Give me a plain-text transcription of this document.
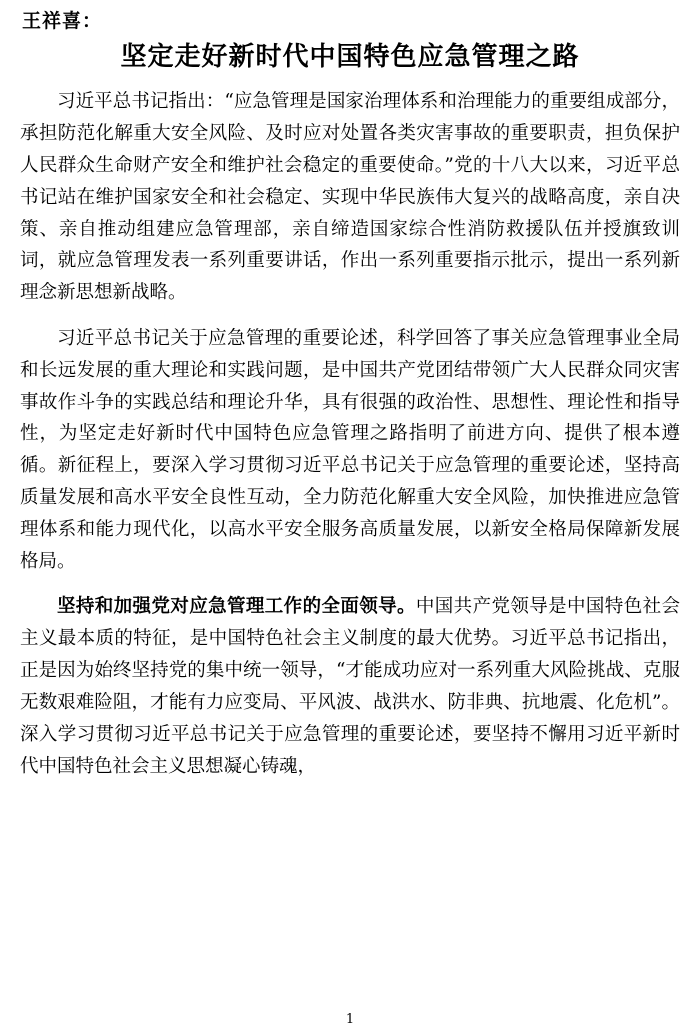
王祥喜：
坚定走好新时代中国特色应急管理之路

习近平总书记指出：“应急管理是国家治理体系和治理能力的重要组成部分，承担防范化解重大安全风险、及时应对处置各类灾害事故的重要职责，担负保护人民群众生命财产安全和维护社会稳定的重要使命。”党的十八大以来，习近平总书记站在维护国家安全和社会稳定、实现中华民族伟大复兴的战略高度，亲自决策、亲自推动组建应急管理部，亲自缔造国家综合性消防救援队伍并授旗致训词，就应急管理发表一系列重要讲话，作出一系列重要指示批示，提出一系列新理念新思想新战略。

习近平总书记关于应急管理的重要论述，科学回答了事关应急管理事业全局和长远发展的重大理论和实践问题，是中国共产党团结带领广大人民群众同灾害事故作斗争的实践总结和理论升华，具有很强的政治性、思想性、理论性和指导性，为坚定走好新时代中国特色应急管理之路指明了前进方向、提供了根本遵循。新征程上，要深入学习贯彻习近平总书记关于应急管理的重要论述，坚持高质量发展和高水平安全良性互动，全力防范化解重大安全风险，加快推进应急管理体系和能力现代化，以高水平安全服务高质量发展，以新安全格局保障新发展格局。

坚持和加强党对应急管理工作的全面领导。中国共产党领导是中国特色社会主义最本质的特征，是中国特色社会主义制度的最大优势。习近平总书记指出，正是因为始终坚持党的集中统一领导，“才能成功应对一系列重大风险挑战、克服无数艰难险阻，才能有力应变局、平风波、战洪水、防非典、抗地震、化危机”。深入学习贯彻习近平总书记关于应急管理的重要论述，要坚持不懈用习近平新时代中国特色社会主义思想凝心铸魂，

1
